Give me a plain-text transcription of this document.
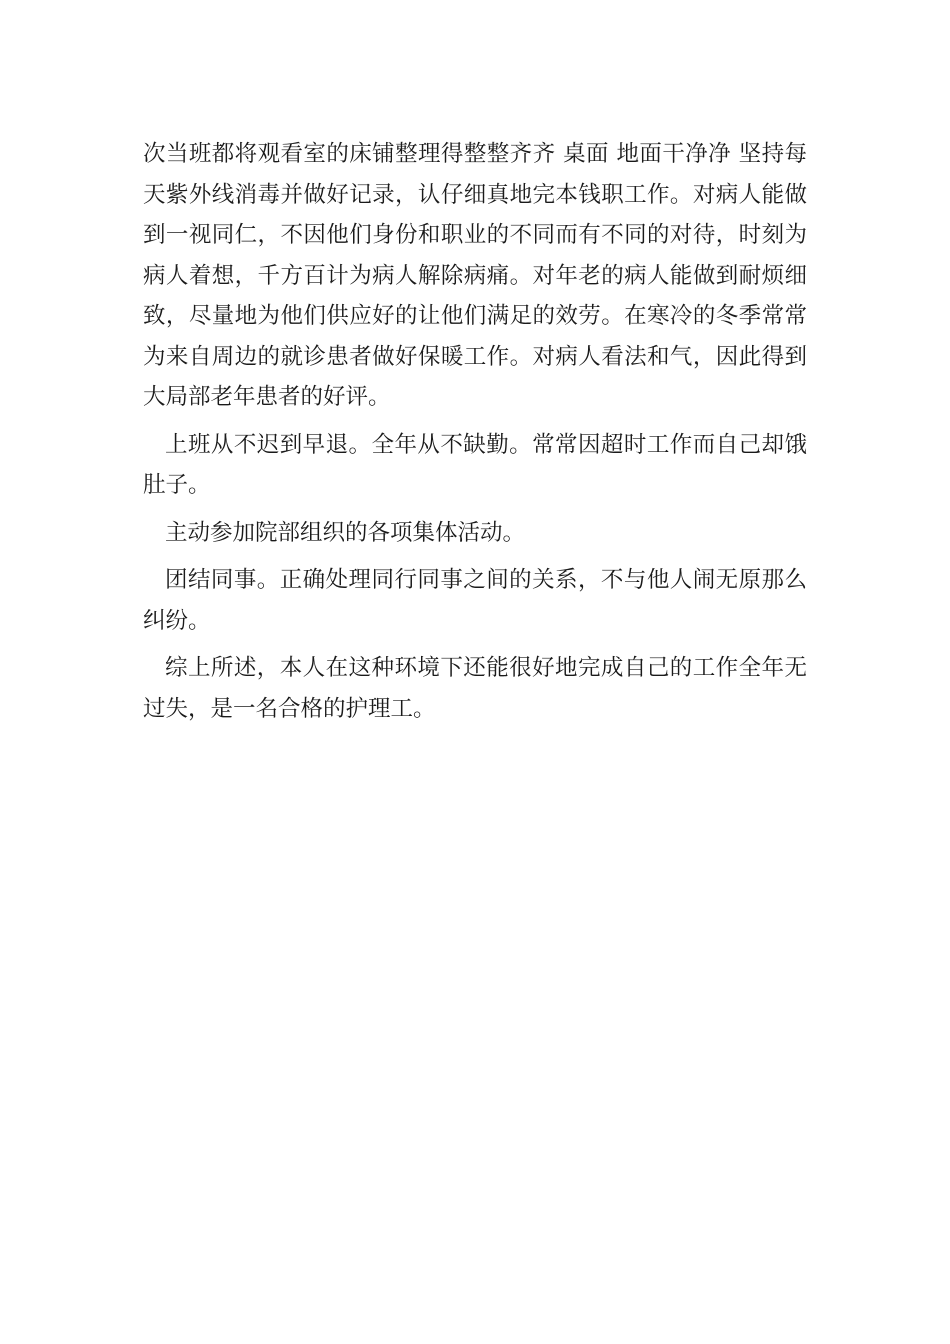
次当班都将观看室的床铺整理得整整齐齐 桌面 地面干净净 坚持每天紫外线消毒并做好记录，认仔细真地完本钱职工作。对病人能做到一视同仁，不因他们身份和职业的不同而有不同的对待，时刻为病人着想，千方百计为病人解除病痛。对年老的病人能做到耐烦细致，尽量地为他们供应好的让他们满足的效劳。在寒冷的冬季常常为来自周边的就诊患者做好保暖工作。对病人看法和气，因此得到大局部老年患者的好评。

上班从不迟到早退。全年从不缺勤。常常因超时工作而自己却饿肚子。

主动参加院部组织的各项集体活动。

团结同事。正确处理同行同事之间的关系，不与他人闹无原那么纠纷。

综上所述，本人在这种环境下还能很好地完成自己的工作全年无过失，是一名合格的护理工。
